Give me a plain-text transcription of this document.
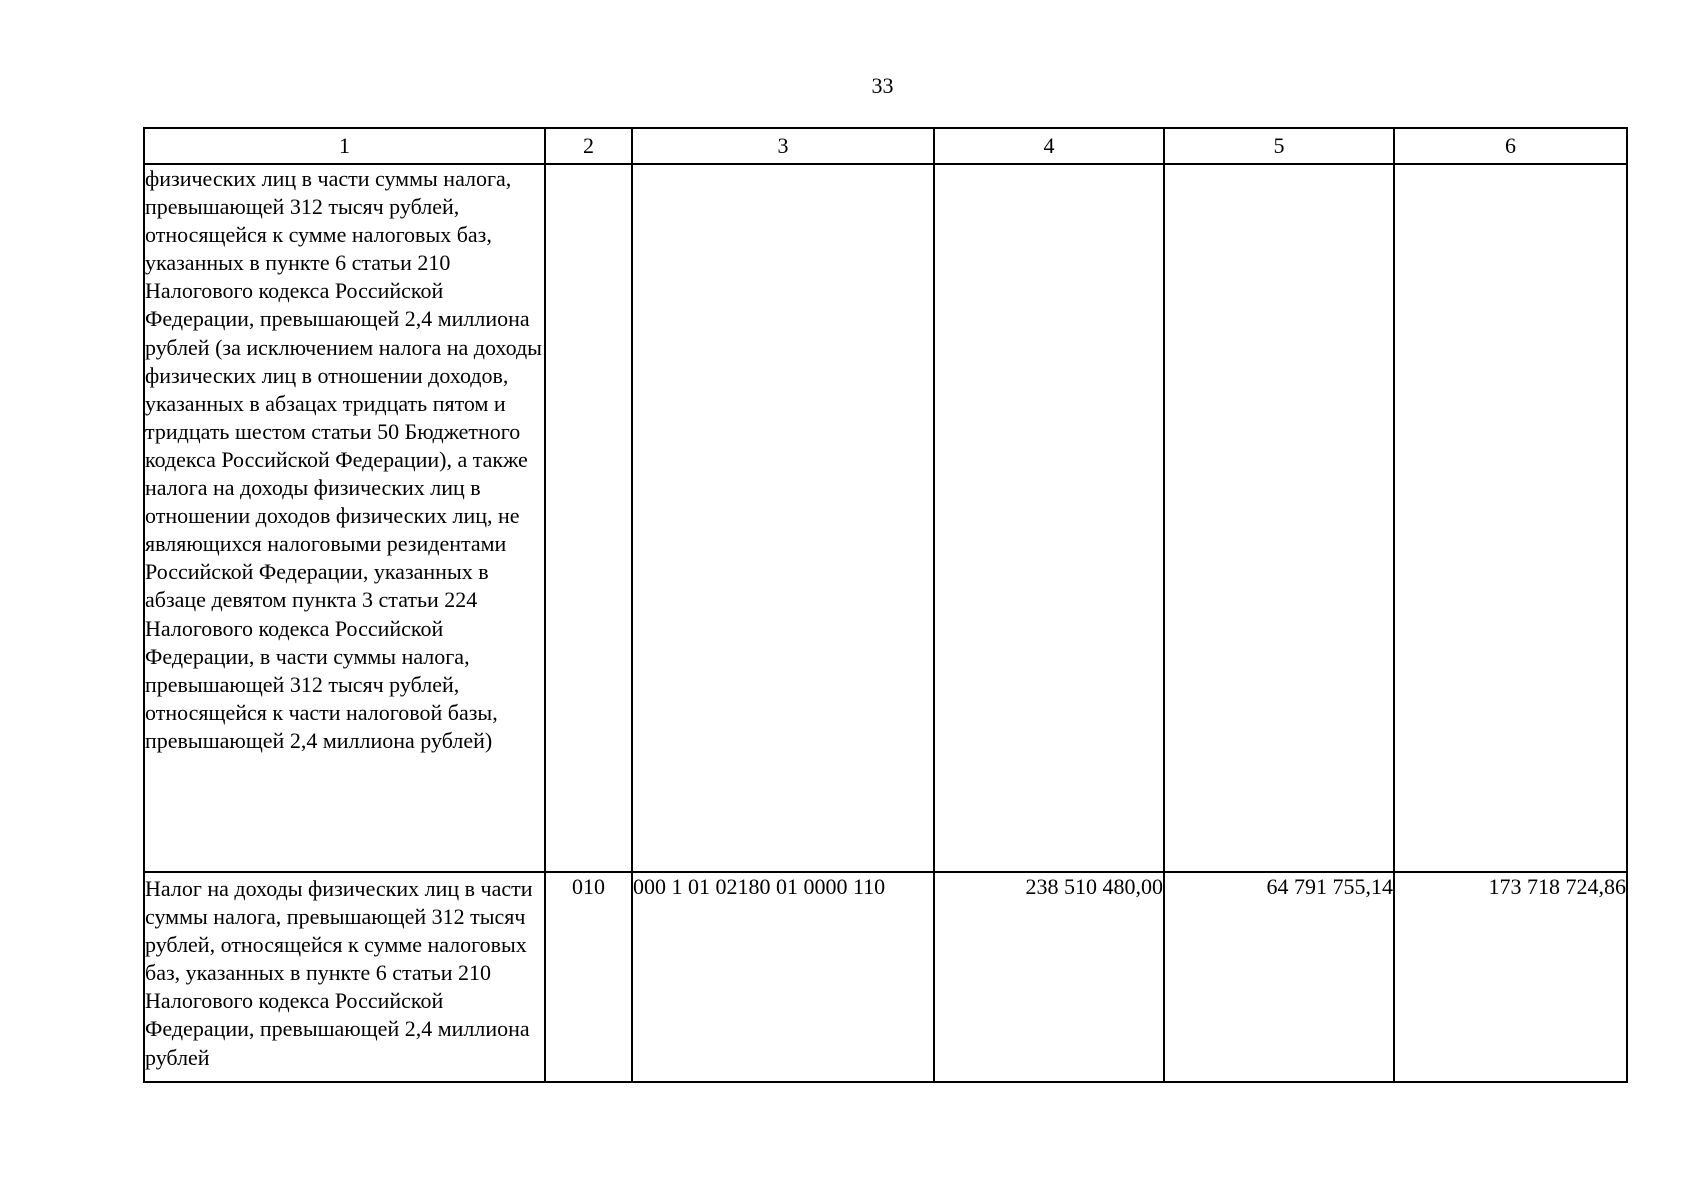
33
1	2	3	4	5	6
физических лиц в части суммы налога, превышающей 312 тысяч рублей, относящейся к сумме налоговых баз, указанных в пункте 6 статьи 210 Налогового кодекса Российской Федерации, превышающей 2,4 миллиона рублей (за исключением налога на доходы физических лиц в отношении доходов, указанных в абзацах тридцать пятом и тридцать шестом статьи 50 Бюджетного кодекса Российской Федерации), а также налога на доходы физических лиц в отношении доходов физических лиц, не являющихся налоговыми резидентами Российской Федерации, указанных в абзаце девятом пункта 3 статьи 224 Налогового кодекса Российской Федерации, в части суммы налога, превышающей 312 тысяч рублей, относящейся к части налоговой базы, превышающей 2,4 миллиона рублей)					
Налог на доходы физических лиц в части суммы налога, превышающей 312 тысяч рублей, относящейся к сумме налоговых баз, указанных в пункте 6 статьи 210 Налогового кодекса Российской Федерации, превышающей 2,4 миллиона рублей	010	000 1 01 02180 01 0000 110	238 510 480,00	64 791 755,14	173 718 724,86
